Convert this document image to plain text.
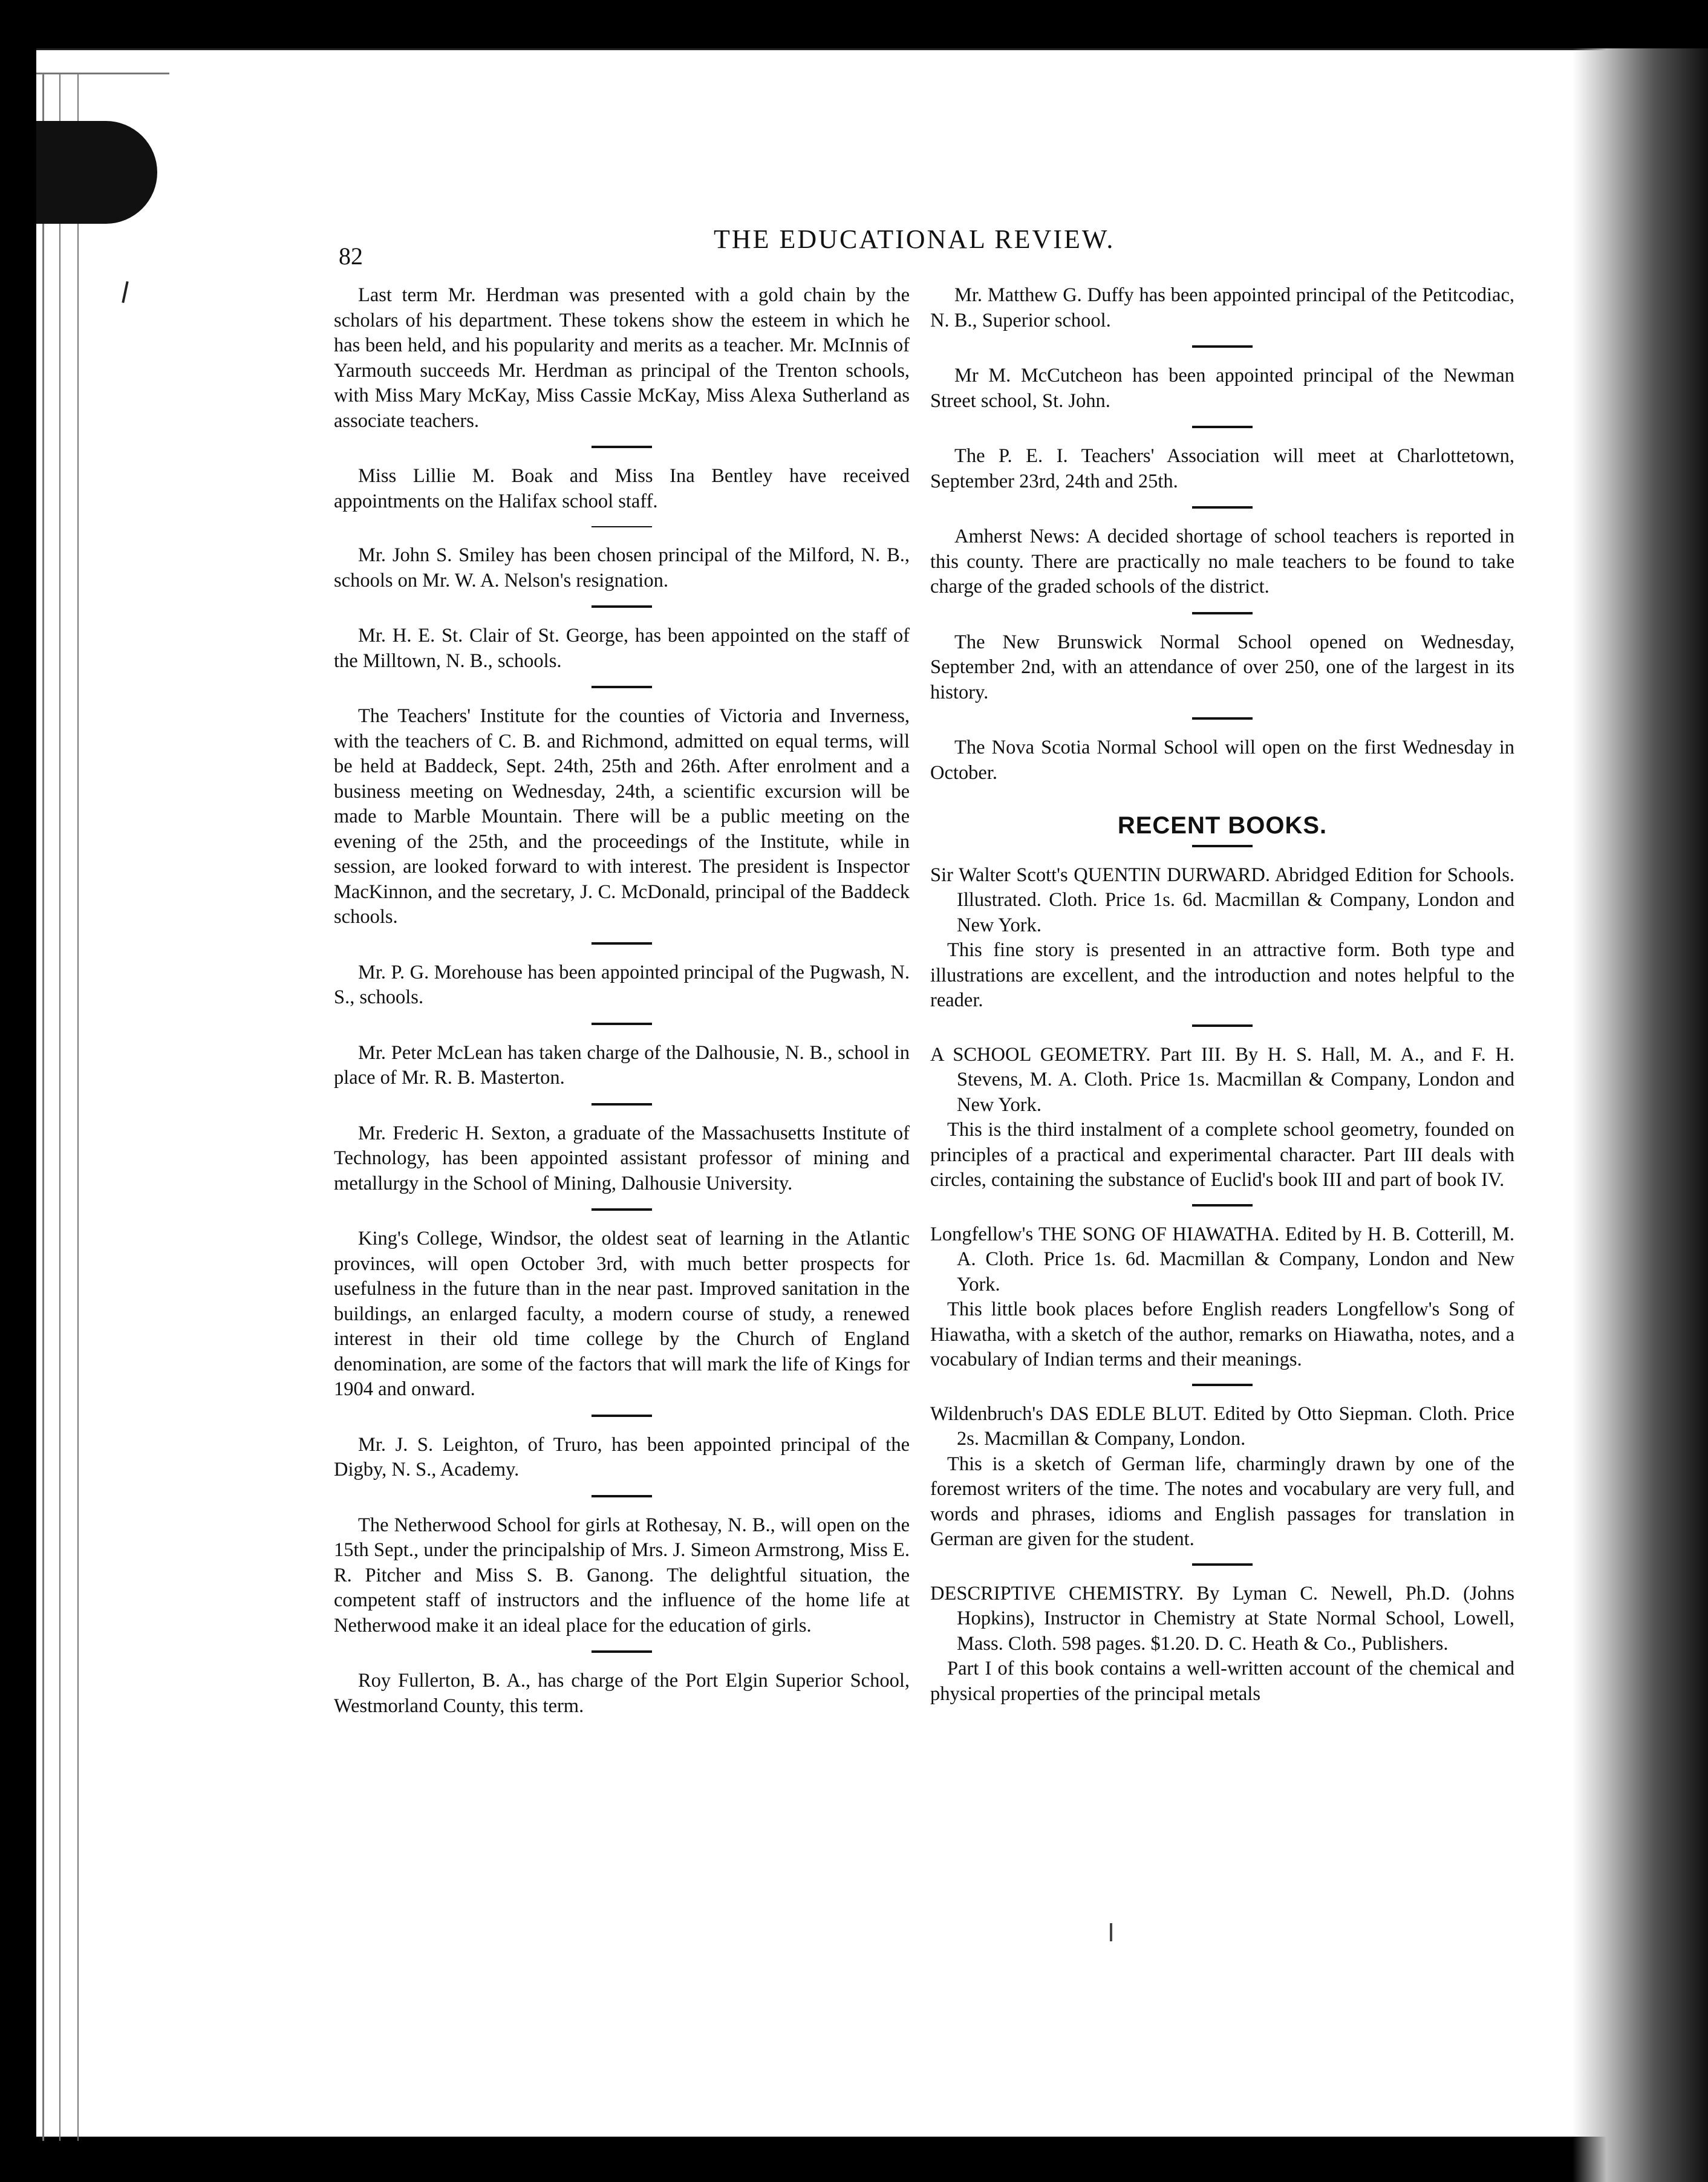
82
THE EDUCATIONAL REVIEW.

Last term Mr. Herdman was presented with a gold chain by the scholars of his department. These tokens show the esteem in which he has been held, and his popularity and merits as a teacher. Mr. McInnis of Yarmouth succeeds Mr. Herdman as principal of the Trenton schools, with Miss Mary McKay, Miss Cassie McKay, Miss Alexa Sutherland as associate teachers.

Miss Lillie M. Boak and Miss Ina Bentley have received appointments on the Halifax school staff.

Mr. John S. Smiley has been chosen principal of the Milford, N. B., schools on Mr. W. A. Nelson's resignation.

Mr. H. E. St. Clair of St. George, has been appointed on the staff of the Milltown, N. B., schools.

The Teachers' Institute for the counties of Victoria and Inverness, with the teachers of C. B. and Richmond, admitted on equal terms, will be held at Baddeck, Sept. 24th, 25th and 26th. After enrolment and a business meeting on Wednesday, 24th, a scientific excursion will be made to Marble Mountain. There will be a public meeting on the evening of the 25th, and the proceedings of the Institute, while in session, are looked forward to with interest. The president is Inspector MacKinnon, and the secretary, J. C. McDonald, principal of the Baddeck schools.

Mr. P. G. Morehouse has been appointed principal of the Pugwash, N. S., schools.

Mr. Peter McLean has taken charge of the Dalhousie, N. B., school in place of Mr. R. B. Masterton.

Mr. Frederic H. Sexton, a graduate of the Massachusetts Institute of Technology, has been appointed assistant professor of mining and metallurgy in the School of Mining, Dalhousie University.

King's College, Windsor, the oldest seat of learning in the Atlantic provinces, will open October 3rd, with much better prospects for usefulness in the future than in the near past. Improved sanitation in the buildings, an enlarged faculty, a modern course of study, a renewed interest in their old time college by the Church of England denomination, are some of the factors that will mark the life of Kings for 1904 and onward.

Mr. J. S. Leighton, of Truro, has been appointed principal of the Digby, N. S., Academy.

The Netherwood School for girls at Rothesay, N. B., will open on the 15th Sept., under the principalship of Mrs. J. Simeon Armstrong, Miss E. R. Pitcher and Miss S. B. Ganong. The delightful situation, the competent staff of instructors and the influence of the home life at Netherwood make it an ideal place for the education of girls.

Roy Fullerton, B. A., has charge of the Port Elgin Superior School, Westmorland County, this term.

Mr. Matthew G. Duffy has been appointed principal of the Petitcodiac, N. B., Superior school.

Mr M. McCutcheon has been appointed principal of the Newman Street school, St. John.

The P. E. I. Teachers' Association will meet at Charlottetown, September 23rd, 24th and 25th.

Amherst News: A decided shortage of school teachers is reported in this county. There are practically no male teachers to be found to take charge of the graded schools of the district.

The New Brunswick Normal School opened on Wednesday, September 2nd, with an attendance of over 250, one of the largest in its history.

The Nova Scotia Normal School will open on the first Wednesday in October.

RECENT BOOKS.
Sir Walter Scott's QUENTIN DURWARD. Abridged Edition for Schools. Illustrated. Cloth. Price 1s. 6d. Macmillan & Company, London and New York.
This fine story is presented in an attractive form. Both type and illustrations are excellent, and the introduction and notes helpful to the reader.
A SCHOOL GEOMETRY. Part III. By H. S. Hall, M. A., and F. H. Stevens, M. A. Cloth. Price 1s. Macmillan & Company, London and New York.
This is the third instalment of a complete school geometry, founded on principles of a practical and experimental character. Part III deals with circles, containing the substance of Euclid's book III and part of book IV.
Longfellow's THE SONG OF HIAWATHA. Edited by H. B. Cotterill, M. A. Cloth. Price 1s. 6d. Macmillan & Company, London and New York.
This little book places before English readers Longfellow's Song of Hiawatha, with a sketch of the author, remarks on Hiawatha, notes, and a vocabulary of Indian terms and their meanings.
Wildenbruch's DAS EDLE BLUT. Edited by Otto Siepman. Cloth. Price 2s. Macmillan & Company, London.
This is a sketch of German life, charmingly drawn by one of the foremost writers of the time. The notes and vocabulary are very full, and words and phrases, idioms and English passages for translation in German are given for the student.
DESCRIPTIVE CHEMISTRY. By Lyman C. Newell, Ph.D. (Johns Hopkins), Instructor in Chemistry at State Normal School, Lowell, Mass. Cloth. 598 pages. $1.20. D. C. Heath & Co., Publishers.
Part I of this book contains a well-written account of the chemical and physical properties of the principal metals
